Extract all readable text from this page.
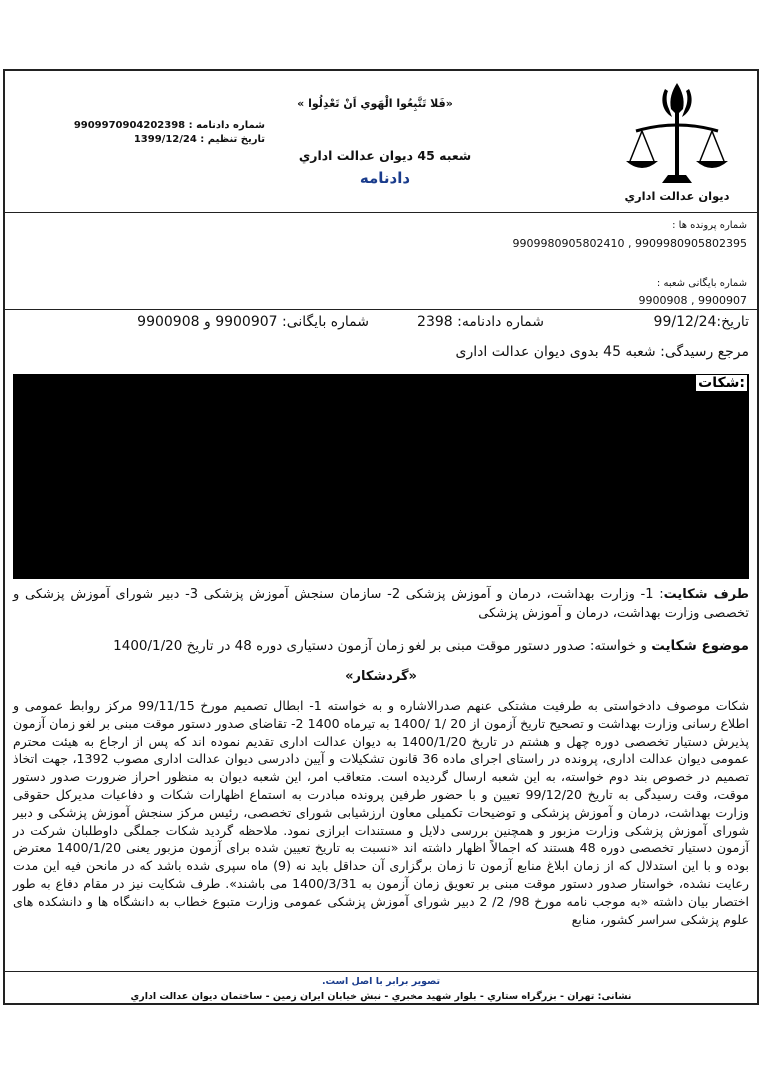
دیوان عدالت اداري
«فَلا تَتَّبِعُوا الْهَوي اَنْ تَعْدِلُوا »
شعبه 45 دیوان عدالت اداري
دادنامه
شماره دادنامه : 9909970904202398
تاریخ تنظیم : 1399/12/24
شماره پرونده ها :
9909980905802410 , 9909980905802395
شماره بایگانی شعبه :
9900908 , 9900907
تاریخ:99/12/24
شماره دادنامه: 2398
شماره بایگانی: 9900907 و 9900908
مرجع رسیدگی: شعبه 45 بدوی دیوان عدالت اداری
شکات:
طرف شکایت: 1- وزارت بهداشت، درمان و آموزش پزشکی 2- سازمان سنجش آموزش پزشکی 3- دبیر شورای آموزش پزشکی و تخصصی وزارت بهداشت، درمان و آموزش پزشکی
موضوع شکایت و خواسته: صدور دستور موقت مبنی بر لغو زمان آزمون دستیاری دوره 48 در تاریخ 1400/1/20
«گردشکار»
شکات موصوف دادخواستی به طرفیت مشتکی عنهم صدرالاشاره و به خواسته 1- ابطال تصمیم مورخ 99/11/15 مرکز روابط عمومی و اطلاع رسانی وزارت بهداشت و تصحیح تاریخ آزمون از 20 /1 /1400 به تیرماه 1400 2- تقاضای صدور دستور موقت مبنی بر لغو زمان آزمون پذیرش دستیار تخصصی دوره چهل و هشتم در تاریخ 1400/1/20 به دیوان عدالت اداری تقدیم نموده اند که پس از ارجاع به هیئت محترم عمومی دیوان عدالت اداری، پرونده در راستای اجرای ماده 36 قانون تشکیلات و آیین دادرسی دیوان عدالت اداری مصوب 1392، جهت اتخاذ تصمیم در خصوص بند دوم خواسته، به این شعبه ارسال گردیده است. متعاقب امر، این شعبه دیوان به منظور احراز ضرورت صدور دستور موقت، وقت رسیدگی به تاریخ 99/12/20 تعیین و با حضور طرفین پرونده مبادرت به استماع اظهارات شکات و دفاعیات مدیرکل حقوقی وزارت بهداشت، درمان و آموزش پزشکی و توضیحات تکمیلی معاون ارزشیابی شورای تخصصی، رئیس مرکز سنجش آموزش پزشکی و دبیر شورای آموزش پزشکی وزارت مزبور و همچنین بررسی دلایل و مستندات ابرازی نمود. ملاحظه گردید شکات جملگی داوطلبان شرکت در آزمون دستیار تخصصی دوره 48 هستند که اجمالاً اظهار داشته اند «نسبت به تاریخ تعیین شده برای آزمون مزبور یعنی 1400/1/20 معترض بوده و با این استدلال که از زمان ابلاغ منابع آزمون تا زمان برگزاری آن حداقل باید نه (9) ماه سپری شده باشد که در ما‌نحن فیه این مدت رعایت نشده، خواستار صدور دستور موقت مبنی بر تعویق زمان آزمون به 1400/3/31 می باشند». طرف شکایت نیز در مقام دفاع به طور اختصار بیان داشته «به موجب نامه مورخ 98/ 2/ 2 دبیر شورای آموزش پزشکی عمومی وزارت متبوع خطاب به دانشگاه ها و دانشکده های علوم پزشکی سراسر کشور، منابع
تصویر برابر با اصل است.
نشانی: تهران - بزرگراه ستاري - بلوار شهید مخبري - نبش خیابان ایران زمین - ساختمان دیوان عدالت اداري
